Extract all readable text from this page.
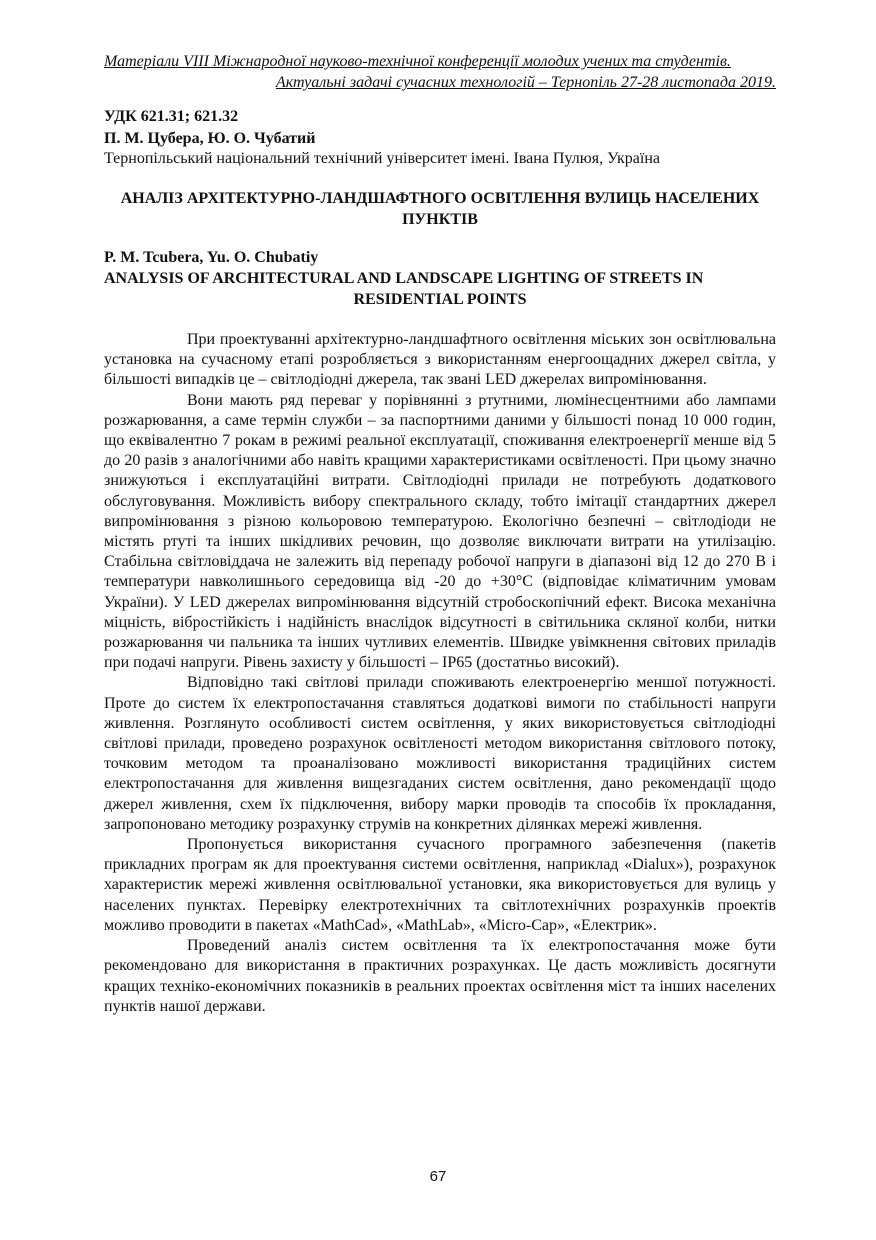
Матеріали VIII Міжнародної науково-технічної конференції молодих учених та студентів.
Актуальні задачі сучасних технологій – Тернопіль 27-28 листопада 2019.
УДК 621.31; 621.32
П. М. Цубера, Ю. О. Чубатий
Тернопільський національний технічний університет імені. Івана Пулюя, Україна
АНАЛІЗ АРХІТЕКТУРНО-ЛАНДШАФТНОГО ОСВІТЛЕННЯ ВУЛИЦЬ НАСЕЛЕНИХ ПУНКТІВ
P. M. Tcubera, Yu. O. Chubatiy
ANALYSIS OF ARCHITECTURAL AND LANDSCAPE LIGHTING OF STREETS IN
RESIDENTIAL POINTS

При проектуванні архітектурно-ландшафтного освітлення міських зон освітлювальна установка на сучасному етапі розробляється з використанням енергоощадних джерел світла, у більшості випадків це – світлодіодні джерела, так звані LED джерелах випромінювання.

Вони мають ряд переваг у порівнянні з ртутними, люмінесцентними або лампами розжарювання, а саме термін служби – за паспортними даними у більшості понад 10 000 годин, що еквівалентно 7 рокам в режимі реальної експлуатації, споживання електроенергії менше від 5 до 20 разів з аналогічними або навіть кращими характеристиками освітленості. При цьому значно знижуються і експлуатаційні витрати. Світлодіодні прилади не потребують додаткового обслуговування. Можливість вибору спектрального складу, тобто імітації стандартних джерел випромінювання з різною кольоровою температурою. Екологічно безпечні – світлодіоди не містять ртуті та інших шкідливих речовин, що дозволяє виключати витрати на утилізацію. Стабільна світловіддача не залежить від перепаду робочої напруги в діапазоні від 12 до 270 В і температури навколишнього середовища від -20 до +30°C (відповідає кліматичним умовам України). У LED джерелах випромінювання відсутній стробоскопічний ефект. Висока механічна міцність, вібростійкість і надійність внаслідок відсутності в світильника скляної колби, нитки розжарювання чи пальника та інших чутливих елементів. Швидке увімкнення світових приладів при подачі напруги. Рівень захисту у більшості – IP65 (достатньо високий).

Відповідно такі світлові прилади споживають електроенергію меншої потужності. Проте до систем їх електропостачання ставляться додаткові вимоги по стабільності напруги живлення. Розглянуто особливості систем освітлення, у яких використовується світлодіодні світлові прилади, проведено розрахунок освітленості методом використання світлового потоку, точковим методом та проаналізовано можливості використання традиційних систем електропостачання для живлення вищезгаданих систем освітлення, дано рекомендації щодо джерел живлення, схем їх підключення, вибору марки проводів та способів їх прокладання, запропоновано методику розрахунку струмів на конкретних ділянках мережі живлення.

Пропонується використання сучасного програмного забезпечення (пакетів прикладних програм як для проектування системи освітлення, наприклад «Dialux»), розрахунок характеристик мережі живлення освітлювальної установки, яка використовується для вулиць у населених пунктах. Перевірку електротехнічних та світлотехнічних розрахунків проектів можливо проводити в пакетах «MathCad», «MathLab», «Micro-Cap», «Електрик».

Проведений аналіз систем освітлення та їх електропостачання може бути рекомендовано для використання в практичних розрахунках. Це дасть можливість досягнути кращих техніко-економічних показників в реальних проектах освітлення міст та інших населених пунктів нашої держави.

67
